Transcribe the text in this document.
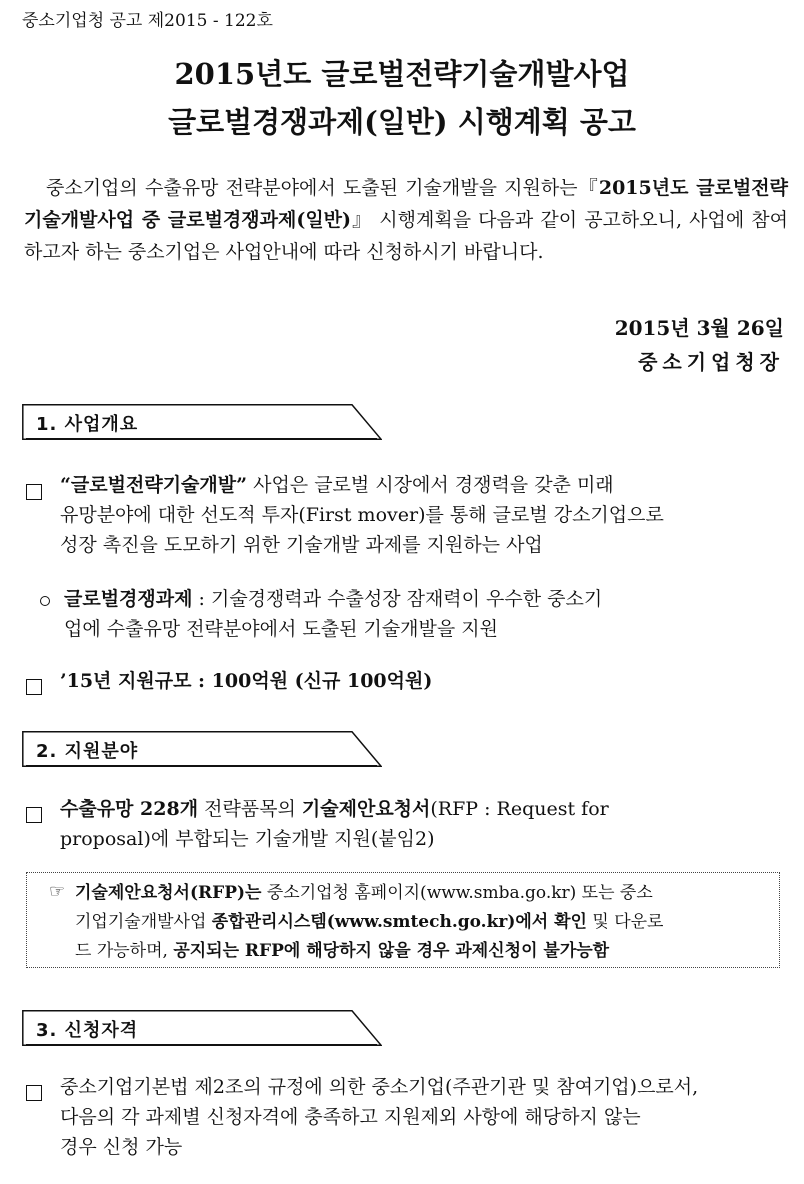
중소기업청 공고 제2015 - 122호
2015년도 글로벌전략기술개발사업
글로벌경쟁과제(일반) 시행계획 공고
중소기업의 수출유망 전략분야에서 도출된 기술개발을 지원하는『2015년도 글로벌전략기술개발사업 중 글로벌경쟁과제(일반)』 시행계획을 다음과 같이 공고하오니, 사업에 참여하고자 하는 중소기업은 사업안내에 따라 신청하시기 바랍니다.
2015년 3월 26일
중소기업청장
1. 사업개요
“글로벌전략기술개발” 사업은 글로벌 시장에서 경쟁력을 갖춘 미래
유망분야에 대한 선도적 투자(First mover)를 통해 글로벌 강소기업으로
성장 촉진을 도모하기 위한 기술개발 과제를 지원하는 사업
글로벌경쟁과제 : 기술경쟁력과 수출성장 잠재력이 우수한 중소기
업에 수출유망 전략분야에서 도출된 기술개발을 지원
’15년 지원규모 : 100억원 (신규 100억원)
2. 지원분야
수출유망 228개 전략품목의 기술제안요청서(RFP : Request for
proposal)에 부합되는 기술개발 지원(붙임2)
☞ 기술제안요청서(RFP)는 중소기업청 홈페이지(www.smba.go.kr) 또는 중소
기업기술개발사업 종합관리시스템(www.smtech.go.kr)에서 확인 및 다운로
드 가능하며, 공지되는 RFP에 해당하지 않을 경우 과제신청이 불가능함
3. 신청자격
중소기업기본법 제2조의 규정에 의한 중소기업(주관기관 및 참여기업)으로서,
다음의 각 과제별 신청자격에 충족하고 지원제외 사항에 해당하지 않는
경우 신청 가능
